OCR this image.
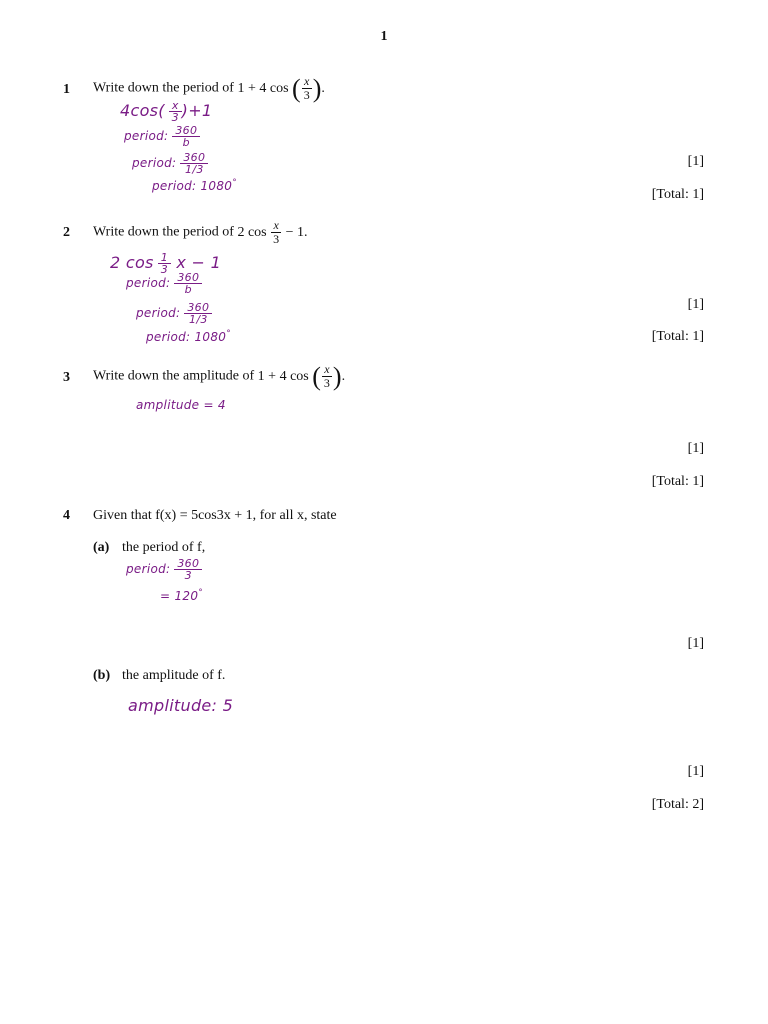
1
1 Write down the period of 1 + 4 cos ( $\frac{x}{3}$ ).
$4\cos( \frac{x}{3} )+1$
period: $\frac{360}{b}$
period: $\frac{360}{1/3}$
period: 1080°
[1]
[Total: 1]
2 Write down the period of 2 $\cos \frac{x}{3} - 1$.
2 $\cos \frac{1}{3}$ x − 1
period: $\frac{360}{b}$
period: $\frac{360}{1/3}$
period: 1080°
[1]
[Total: 1]
3 Write down the amplitude of 1 + 4 cos ( $\frac{x}{3}$ ).
amplitude = 4
[1]
[Total: 1]
4 Given that f(x) = 5cos3x + 1, for all x, state
(a) the period of f,
period: $\frac{360}{3}$
= 120°
[1]
(b) the amplitude of f.
amplitude: 5
[1]
[Total: 2]
